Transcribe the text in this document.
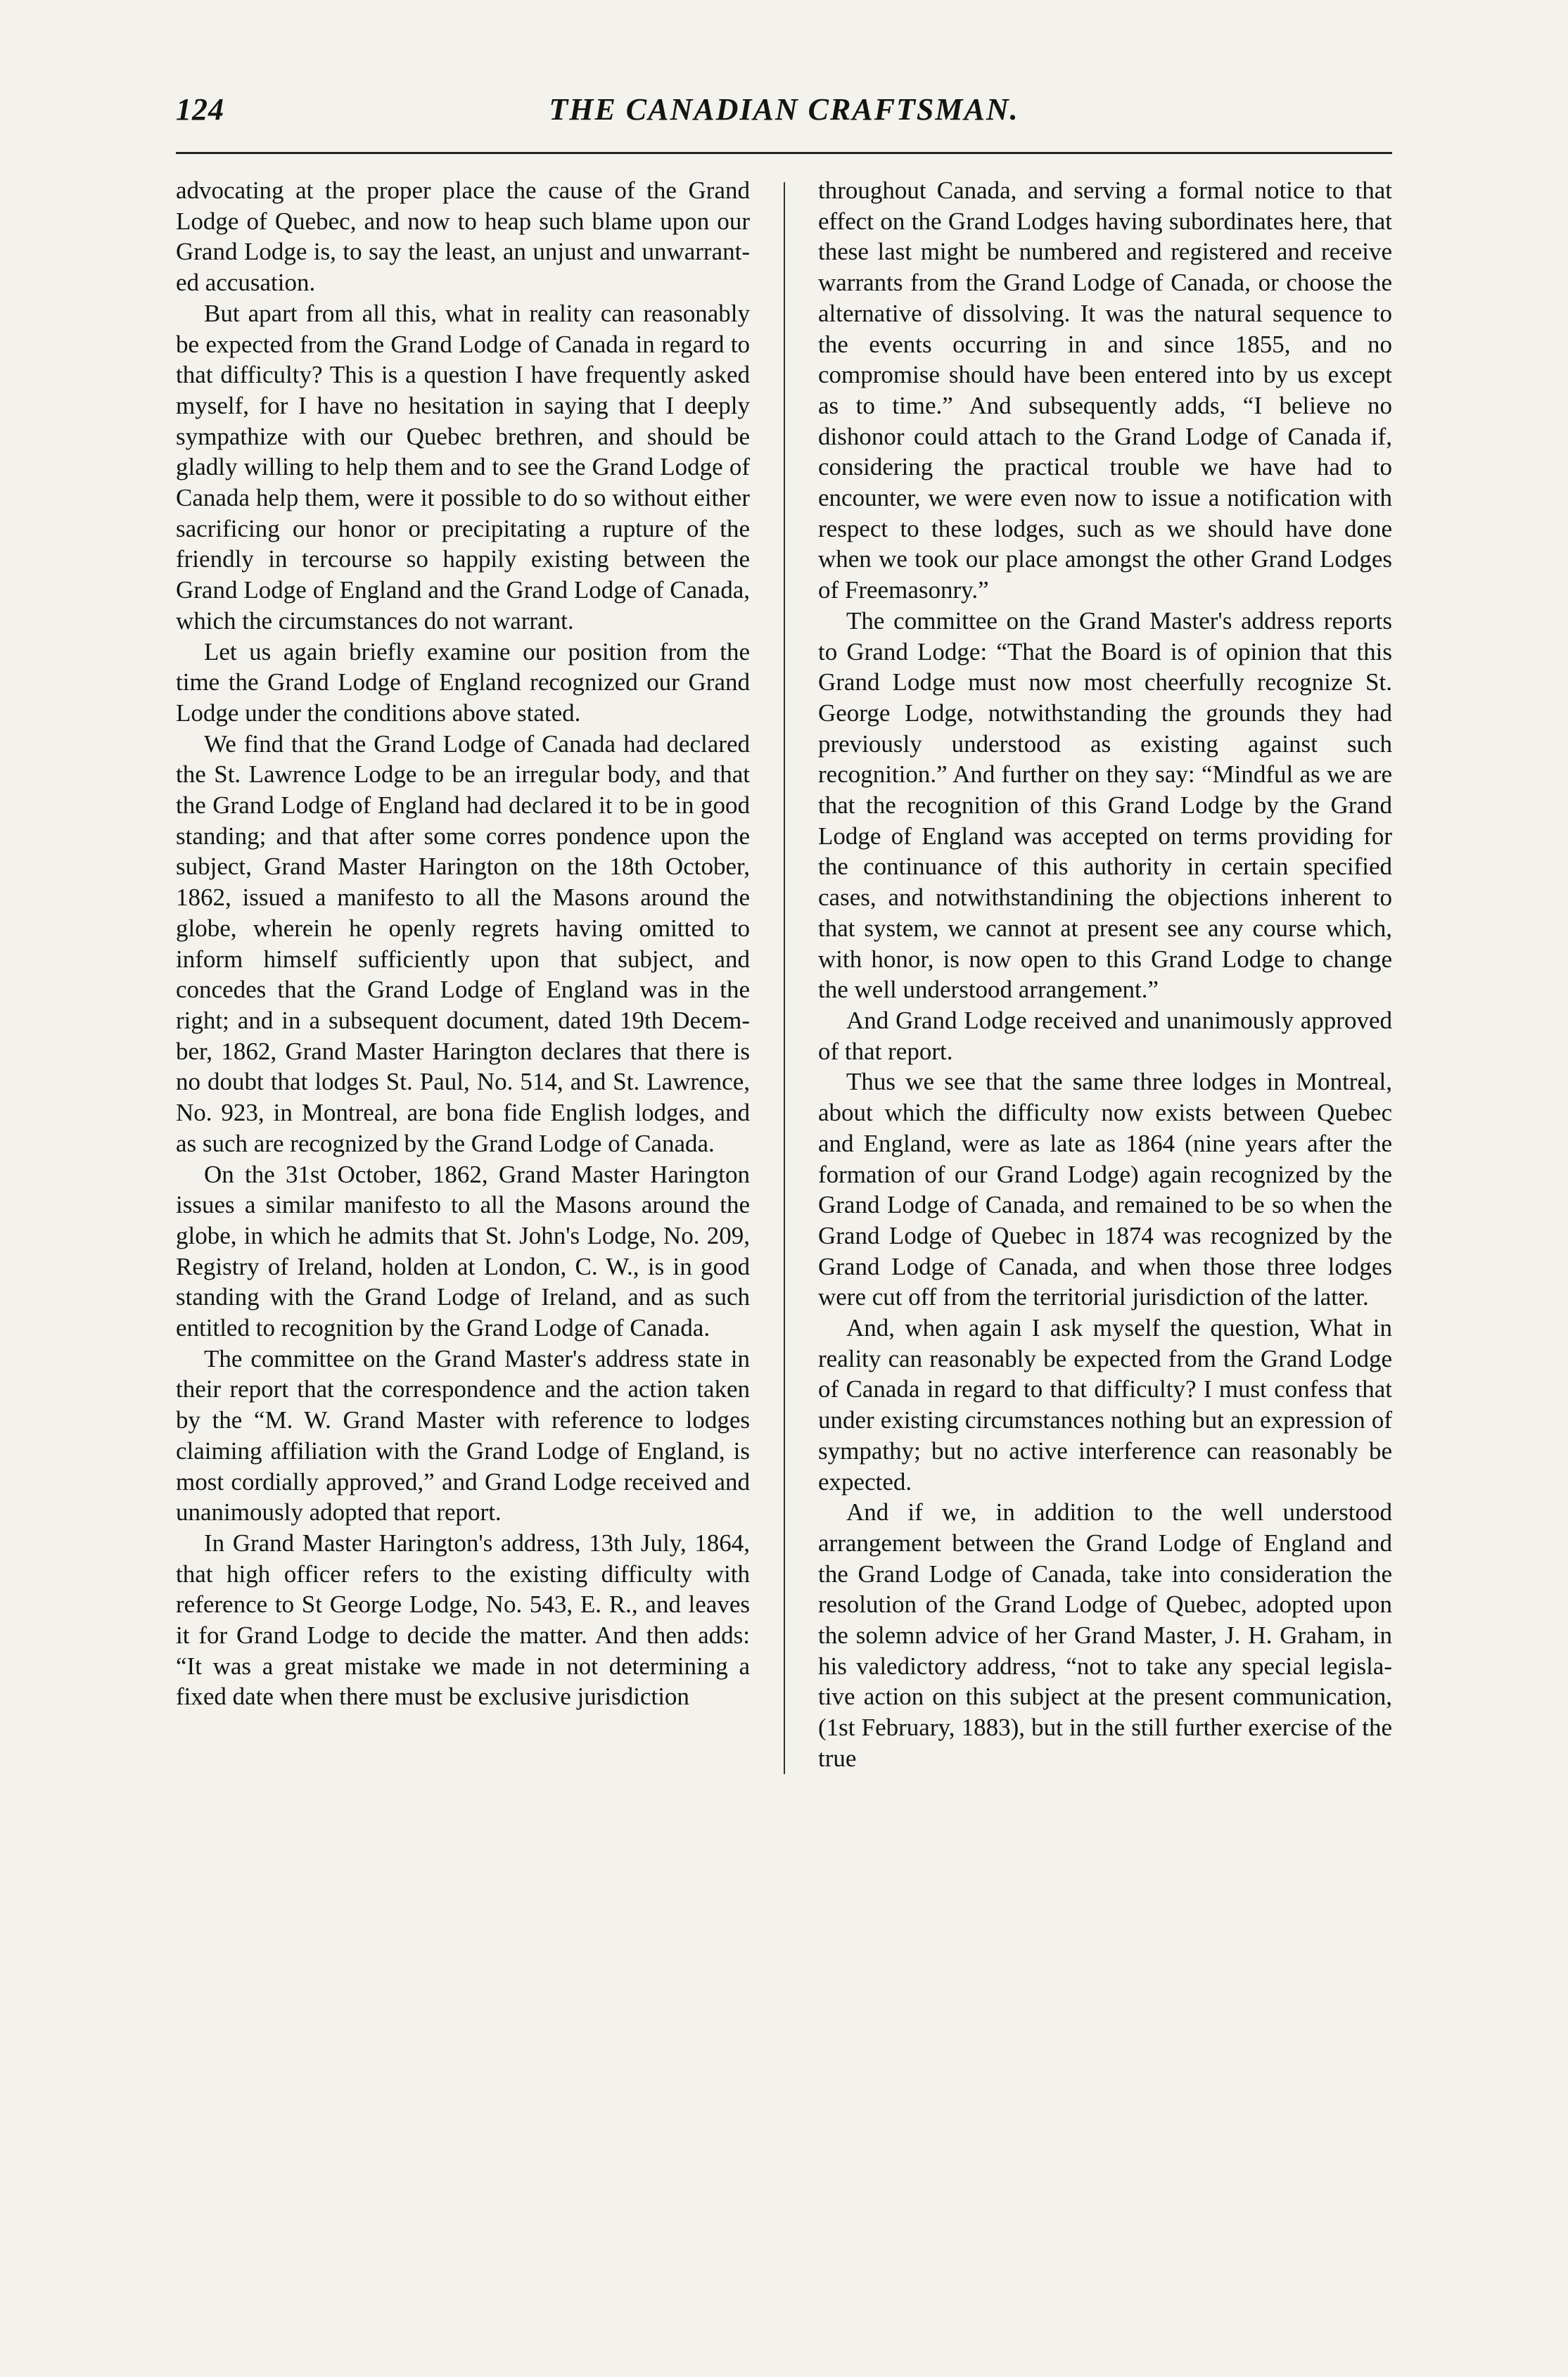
124	THE CANADIAN CRAFTSMAN.

advocating at the proper place the cause of the Grand Lodge of Quebec, and now to heap such blame upon our Grand Lodge is, to say the least, an unjust and unwarranted accusation.

But apart from all this, what in reality can reasonably be expected from the Grand Lodge of Canada in regard to that difficulty? This is a question I have frequently asked myself, for I have no hesitation in saying that I deeply sympathize with our Quebec brethren, and should be gladly willing to help them and to see the Grand Lodge of Canada help them, were it possible to do so without either sacrificing our honor or precipitating a rupture of the friendly in tercourse so happily existing between the Grand Lodge of England and the Grand Lodge of Canada, which the circumstances do not warrant.

Let us again briefly examine our position from the time the Grand Lodge of England recognized our Grand Lodge under the conditions above stated.

We find that the Grand Lodge of Canada had declared the St. Lawrence Lodge to be an irregular body, and that the Grand Lodge of England had declared it to be in good standing; and that after some corres pondence upon the subject, Grand Master Harington on the 18th October, 1862, issued a manifesto to all the Masons around the globe, wherein he openly regrets having omitted to inform himself sufficiently upon that subject, and concedes that the Grand Lodge of England was in the right; and in a subsequent document, dated 19th December, 1862, Grand Master Harington declares that there is no doubt that lodges St. Paul, No. 514, and St. Lawrence, No. 923, in Montreal, are bona fide English lodges, and as such are recognized by the Grand Lodge of Canada.

On the 31st October, 1862, Grand Master Harington issues a similar manifesto to all the Masons around the globe, in which he admits that St. John's Lodge, No. 209, Registry of Ireland, holden at London, C. W., is in good standing with the Grand Lodge of Ireland, and as such entitled to recognition by the Grand Lodge of Canada.

The committee on the Grand Master's address state in their report that the correspondence and the action taken by the “M. W. Grand Master with reference to lodges claiming affiliation with the Grand Lodge of England, is most cordially approved,” and Grand Lodge received and unanimously adopted that report.

In Grand Master Harington's address, 13th July, 1864, that high officer refers to the existing difficulty with reference to St George Lodge, No. 543, E. R., and leaves it for Grand Lodge to decide the matter. And then adds: “It was a great mistake we made in not determining a fixed date when there must be exclusive jurisdiction

throughout Canada, and serving a formal notice to that effect on the Grand Lodges having subordinates here, that these last might be numbered and registered and receive warrants from the Grand Lodge of Canada, or choose the alternative of dissolving. It was the natural sequence to the events occurring in and since 1855, and no compromise should have been entered into by us except as to time.” And subsequently adds, “I believe no dishonor could attach to the Grand Lodge of Canada if, considering the practical trouble we have had to encounter, we were even now to issue a notification with respect to these lodges, such as we should have done when we took our place amongst the other Grand Lodges of Freemasonry.”

The committee on the Grand Master's address reports to Grand Lodge: “That the Board is of opinion that this Grand Lodge must now most cheerfully recognize St. George Lodge, notwithstanding the grounds they had previously understood as existing against such recognition.” And further on they say: “Mindful as we are that the recognition of this Grand Lodge by the Grand Lodge of England was accepted on terms providing for the continuance of this authority in certain specified cases, and notwithstandining the objections inherent to that system, we cannot at present see any course which, with honor, is now open to this Grand Lodge to change the well understood arrangement.”

And Grand Lodge received and unanimously approved of that report.

Thus we see that the same three lodges in Montreal, about which the difficulty now exists between Quebec and England, were as late as 1864 (nine years after the formation of our Grand Lodge) again recognized by the Grand Lodge of Canada, and remained to be so when the Grand Lodge of Quebec in 1874 was recognized by the Grand Lodge of Canada, and when those three lodges were cut off from the territorial jurisdiction of the latter.

And, when again I ask myself the question, What in reality can reasonably be expected from the Grand Lodge of Canada in regard to that difficulty? I must confess that under existing circumstances nothing but an expression of sympathy; but no active interference can reasonably be expected.

And if we, in addition to the well understood arrangement between the Grand Lodge of England and the Grand Lodge of Canada, take into consideration the resolution of the Grand Lodge of Quebec, adopted upon the solemn advice of her Grand Master, J. H. Graham, in his valedictory address, “not to take any special legislative action on this subject at the present communication, (1st February, 1883), but in the still further exercise of the true
